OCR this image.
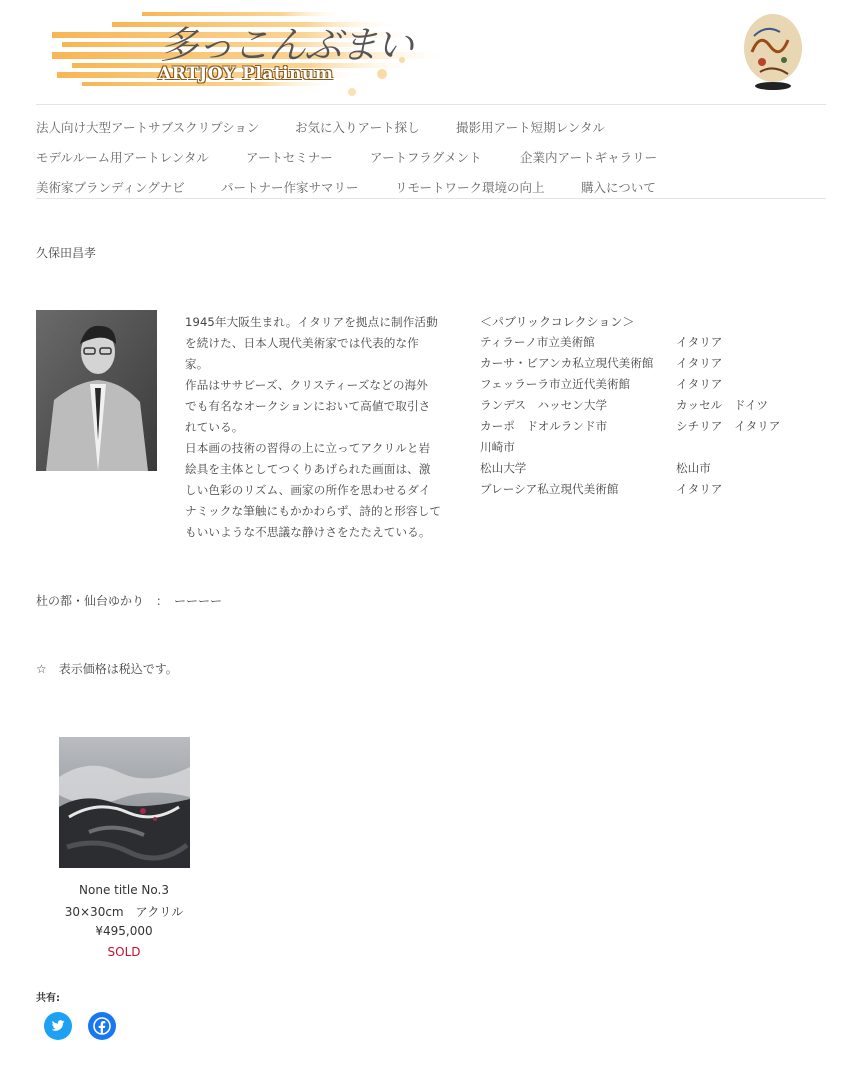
多っこんぶまい
ARTJOY Platinum
法人向け大型アートサブスクリプション	お気に入りアート探し	撮影用アート短期レンタル
モデルルーム用アートレンタル	アートセミナー	アートフラグメント	企業内アートギャラリー
美術家ブランディングナビ	パートナー作家サマリー	リモートワーク環境の向上	購入について
久保田昌孝
1945年大阪生まれ。イタリアを拠点に制作活動
を続けた、日本人現代美術家では代表的な作
家。
作品はササビーズ、クリスティーズなどの海外
でも有名なオークションにおいて高値で取引さ
れている。
日本画の技術の習得の上に立ってアクリルと岩
絵具を主体としてつくりあげられた画面は、激
しい色彩のリズム、画家の所作を思わせるダイ
ナミックな筆触にもかかわらず、詩的と形容して
もいいような不思議な静けさをたたえている。
＜パブリックコレクション＞
ティラーノ市立美術館	イタリア
カーサ・ビアンカ私立現代美術館 イタリア
フェッラーラ市立近代美術館	イタリア
ランデス　ハッセン大学	カッセル　ドイツ
カーポ　ドオルランド市	シチリア　イタリア
川崎市
松山大学	松山市
ブレーシア私立現代美術館	イタリア
杜の都・仙台ゆかり　：　ーーーー
☆　表示価格は税込です。
None title No.3
30×30cm　アクリル
¥495,000
SOLD
共有:
